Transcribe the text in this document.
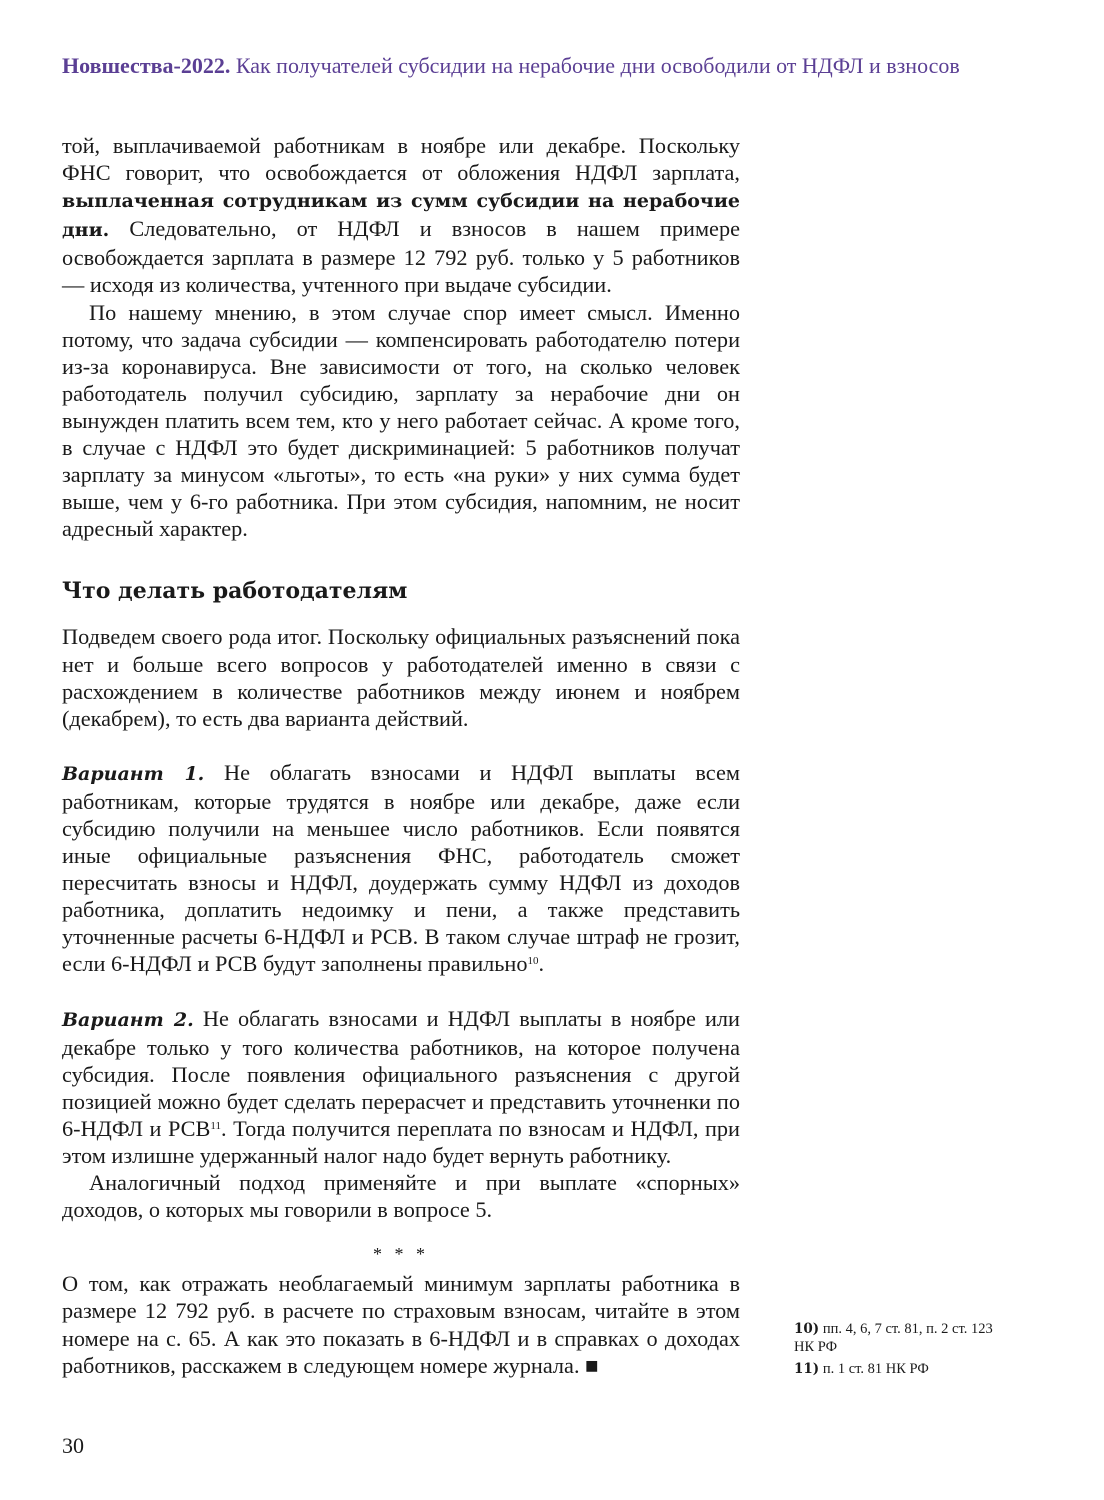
Новшества-2022. Как получателей субсидии на нерабочие дни освободили от НДФЛ и взносов

той, выплачиваемой работникам в ноябре или декабре. Поскольку ФНС говорит, что освобождается от обложения НДФЛ зарплата, выплаченная сотрудникам из сумм субсидии на нерабочие дни. Следовательно, от НДФЛ и взносов в нашем примере освобождается зарплата в размере 12 792 руб. только у 5 работников — исходя из количества, учтенного при выдаче субсидии.

По нашему мнению, в этом случае спор имеет смысл. Именно потому, что задача субсидии — компенсировать работодателю потери из-за коронавируса. Вне зависимости от того, на сколько человек работодатель получил субсидию, зарплату за нерабочие дни он вынужден платить всем тем, кто у него работает сейчас. А кроме того, в случае с НДФЛ это будет дискриминацией: 5 работников получат зарплату за минусом «льготы», то есть «на руки» у них сумма будет выше, чем у 6-го работника. При этом субсидия, напомним, не носит адресный характер.

Что делать работодателям

Подведем своего рода итог. Поскольку официальных разъяснений пока нет и больше всего вопросов у работодателей именно в связи с расхождением в количестве работников между июнем и ноябрем (декабрем), то есть два варианта действий.

Вариант 1. Не облагать взносами и НДФЛ выплаты всем работникам, которые трудятся в ноябре или декабре, даже если субсидию получили на меньшее число работников. Если появятся иные официальные разъяснения ФНС, работодатель сможет пересчитать взносы и НДФЛ, доудержать сумму НДФЛ из доходов работника, доплатить недоимку и пени, а также представить уточненные расчеты 6-НДФЛ и РСВ. В таком случае штраф не грозит, если 6-НДФЛ и РСВ будут заполнены правильно$^{10}$.

Вариант 2. Не облагать взносами и НДФЛ выплаты в ноябре или декабре только у того количества работников, на которое получена субсидия. После появления официального разъяснения с другой позицией можно будет сделать перерасчет и представить уточненки по 6-НДФЛ и РСВ$^{11}$. Тогда получится переплата по взносам и НДФЛ, при этом излишне удержанный налог надо будет вернуть работнику.

Аналогичный подход применяйте и при выплате «спорных» доходов, о которых мы говорили в вопросе 5.

* * *

О том, как отражать необлагаемый минимум зарплаты работника в размере 12 792 руб. в расчете по страховым взносам, читайте в этом номере на с. 65. А как это показать в 6-НДФЛ и в справках о доходах работников, расскажем в следующем номере журнала. ■

10) пп. 4, 6, 7 ст. 81, п. 2 ст. 123 НК РФ
11) п. 1 ст. 81 НК РФ
30
